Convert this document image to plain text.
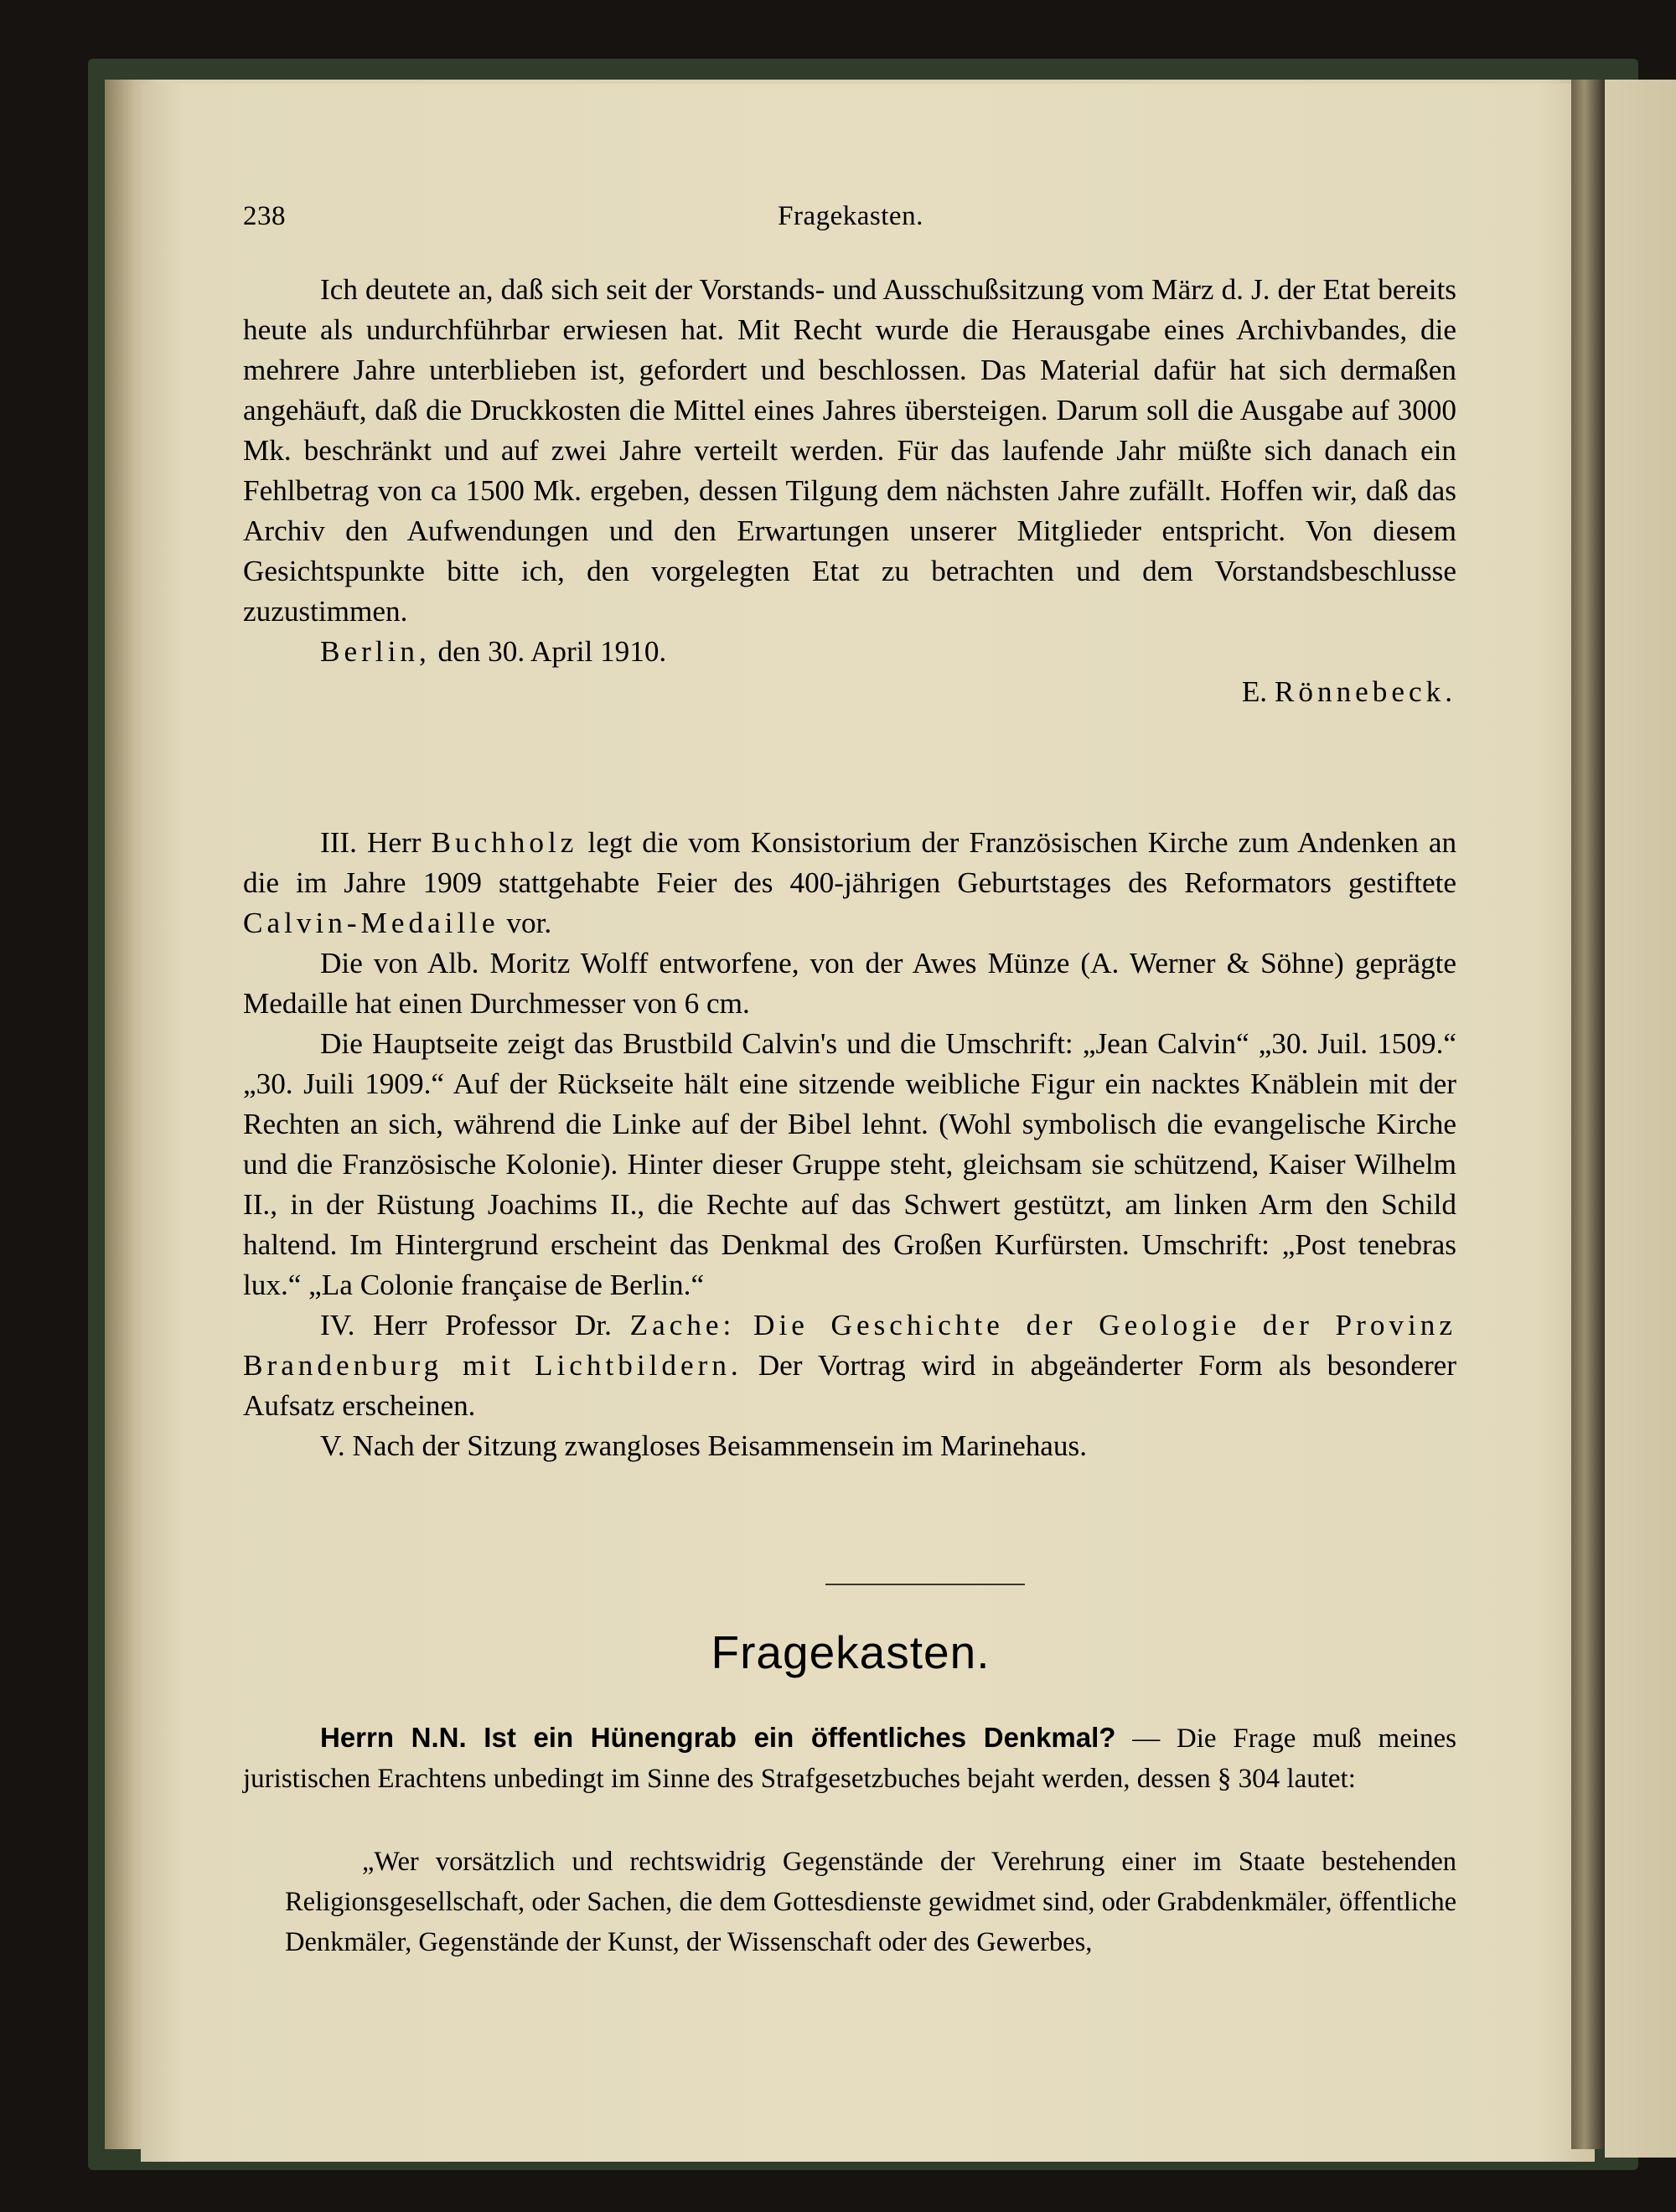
238	Fragekasten.

Ich deutete an, daß sich seit der Vorstands- und Ausschußsitzung vom März d. J. der Etat bereits heute als undurchführbar erwiesen hat. Mit Recht wurde die Herausgabe eines Archivbandes, die mehrere Jahre unterblieben ist, gefordert und beschlossen. Das Material dafür hat sich dermaßen angehäuft, daß die Druckkosten die Mittel eines Jahres übersteigen. Darum soll die Ausgabe auf 3000 Mk. beschränkt und auf zwei Jahre verteilt werden. Für das laufende Jahr müßte sich danach ein Fehlbetrag von ca 1500 Mk. ergeben, dessen Tilgung dem nächsten Jahre zufällt. Hoffen wir, daß das Archiv den Aufwendungen und den Erwartungen unserer Mitglieder entspricht. Von diesem Gesichtspunkte bitte ich, den vorgelegten Etat zu betrachten und dem Vorstandsbeschlusse zuzustimmen.

Berlin, den 30. April 1910.

E. Rönnebeck.

III. Herr Buchholz legt die vom Konsistorium der Französischen Kirche zum Andenken an die im Jahre 1909 stattgehabte Feier des 400-jährigen Geburtstages des Reformators gestiftete Calvin-Medaille vor.

Die von Alb. Moritz Wolff entworfene, von der Awes Münze (A. Werner & Söhne) geprägte Medaille hat einen Durchmesser von 6 cm.

Die Hauptseite zeigt das Brustbild Calvin's und die Umschrift: „Jean Calvin“ „30. Juil. 1509.“ „30. Juili 1909.“ Auf der Rückseite hält eine sitzende weibliche Figur ein nacktes Knäblein mit der Rechten an sich, während die Linke auf der Bibel lehnt. (Wohl symbolisch die evangelische Kirche und die Französische Kolonie). Hinter dieser Gruppe steht, gleichsam sie schützend, Kaiser Wilhelm II., in der Rüstung Joachims II., die Rechte auf das Schwert gestützt, am linken Arm den Schild haltend. Im Hintergrund erscheint das Denkmal des Großen Kurfürsten. Umschrift: „Post tenebras lux.“ „La Colonie française de Berlin.“

IV. Herr Professor Dr. Zache: Die Geschichte der Geologie der Provinz Brandenburg mit Lichtbildern. Der Vortrag wird in abgeänderter Form als besonderer Aufsatz erscheinen.

V. Nach der Sitzung zwangloses Beisammensein im Marinehaus.

Fragekasten.

Herrn N.N. Ist ein Hünengrab ein öffentliches Denkmal? — Die Frage muß meines juristischen Erachtens unbedingt im Sinne des Strafgesetzbuches bejaht werden, dessen § 304 lautet:

„Wer vorsätzlich und rechtswidrig Gegenstände der Verehrung einer im Staate bestehenden Religionsgesellschaft, oder Sachen, die dem Gottesdienste gewidmet sind, oder Grabdenkmäler, öffentliche Denkmäler, Gegenstände der Kunst, der Wissenschaft oder des Gewerbes,
